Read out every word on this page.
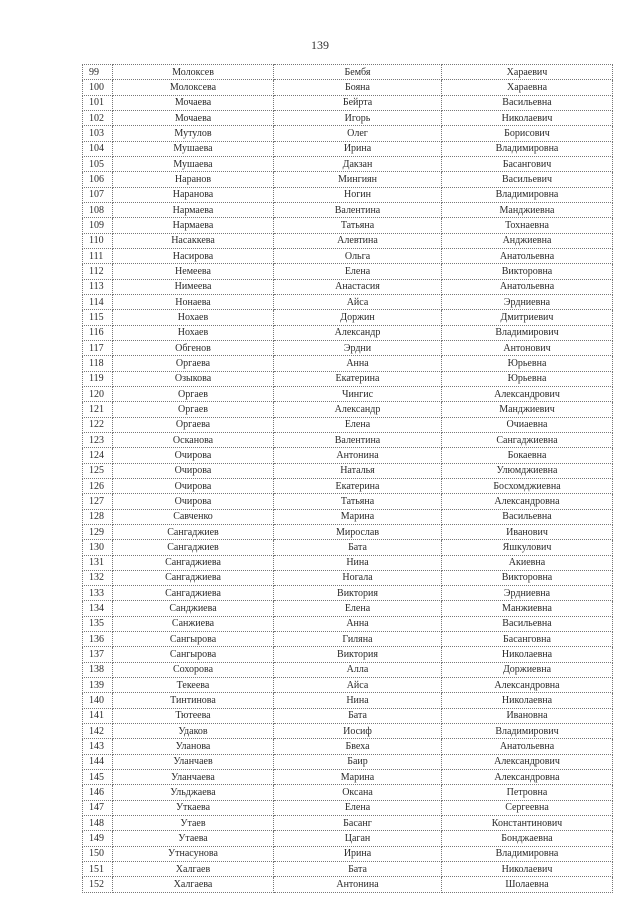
139
99	Молоксев	Бембя	Хараевич
100	Молоксева	Бояна	Хараевна
101	Мочаева	Бейрта	Васильевна
102	Мочаева	Игорь	Николаевич
103	Мутулов	Олег	Борисович
104	Мушаева	Ирина	Владимировна
105	Мушаева	Дакзан	Басангович
106	Наранов	Мингиян	Васильевич
107	Наранова	Ногин	Владимировна
108	Нармаева	Валентина	Манджиевна
109	Нармаева	Татьяна	Тохнаевна
110	Насаккева	Алевтина	Анджиевна
111	Насирова	Ольга	Анатольевна
112	Немеева	Елена	Викторовна
113	Нимеева	Анастасия	Анатольевна
114	Нонаева	Айса	Эрдниевна
115	Нохаев	Доржин	Дмитриевич
116	Нохаев	Александр	Владимирович
117	Обгенов	Эрдни	Антонович
118	Оргаева	Анна	Юрьевна
119	Озыкова	Екатерина	Юрьевна
120	Оргаев	Чингис	Александрович
121	Оргаев	Александр	Манджиевич
122	Оргаева	Елена	Очиаевна
123	Осканова	Валентина	Сангаджиевна
124	Очирова	Антонина	Бокаевна
125	Очирова	Наталья	Улюмджиевна
126	Очирова	Екатерина	Босхомджиевна
127	Очирова	Татьяна	Александровна
128	Савченко	Марина	Васильевна
129	Сангаджиев	Мирослав	Иванович
130	Сангаджиев	Бата	Яшкулович
131	Сангаджиева	Нина	Акиевна
132	Сангаджиева	Ногала	Викторовна
133	Сангаджиева	Виктория	Эрдниевна
134	Санджиева	Елена	Манжиевна
135	Санжиева	Анна	Васильевна
136	Сангырова	Гиляна	Басанговна
137	Сангырова	Виктория	Николаевна
138	Сохорова	Алла	Доржиевна
139	Текеева	Айса	Александровна
140	Тинтинова	Нина	Николаевна
141	Тютеева	Бата	Ивановна
142	Удаков	Иосиф	Владимирович
143	Уланова	Бвеха	Анатольевна
144	Уланчаев	Баир	Александрович
145	Уланчаева	Марина	Александровна
146	Ульджаева	Оксана	Петровна
147	Уткаева	Елена	Сергеевна
148	Утаев	Басанг	Константинович
149	Утаева	Цаган	Бонджаевна
150	Утнасунова	Ирина	Владимировна
151	Халгаев	Бата	Николаевич
152	Халгаева	Антонина	Шолаевна
